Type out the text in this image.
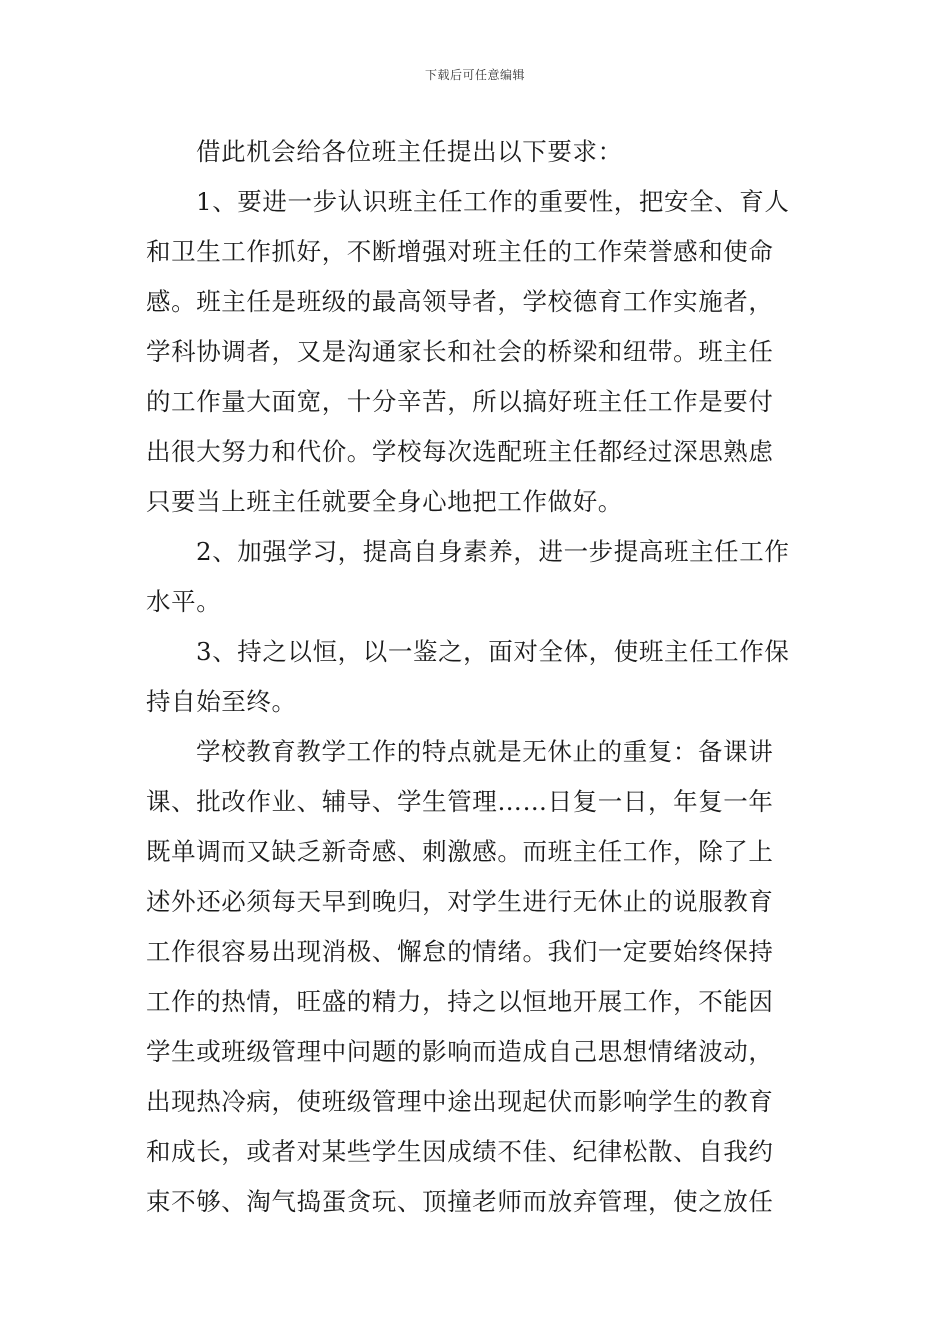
下载后可任意编辑
借此机会给各位班主任提出以下要求：
1、要进一步认识班主任工作的重要性，把安全、育人
和卫生工作抓好，不断增强对班主任的工作荣誉感和使命
感。班主任是班级的最高领导者，学校德育工作实施者，
学科协调者，又是沟通家长和社会的桥梁和纽带。班主任
的工作量大面宽，十分辛苦，所以搞好班主任工作是要付
出很大努力和代价。学校每次选配班主任都经过深思熟虑
只要当上班主任就要全身心地把工作做好。
2、加强学习，提高自身素养，进一步提高班主任工作
水平。
3、持之以恒，以一鉴之，面对全体，使班主任工作保
持自始至终。
学校教育教学工作的特点就是无休止的重复：备课讲
课、批改作业、辅导、学生管理……日复一日，年复一年
既单调而又缺乏新奇感、刺激感。而班主任工作，除了上
述外还必须每天早到晚归，对学生进行无休止的说服教育
工作很容易出现消极、懈怠的情绪。我们一定要始终保持
工作的热情，旺盛的精力，持之以恒地开展工作，不能因
学生或班级管理中问题的影响而造成自己思想情绪波动，
出现热冷病，使班级管理中途出现起伏而影响学生的教育
和成长，或者对某些学生因成绩不佳、纪律松散、自我约
束不够、淘气捣蛋贪玩、顶撞老师而放弃管理，使之放任
